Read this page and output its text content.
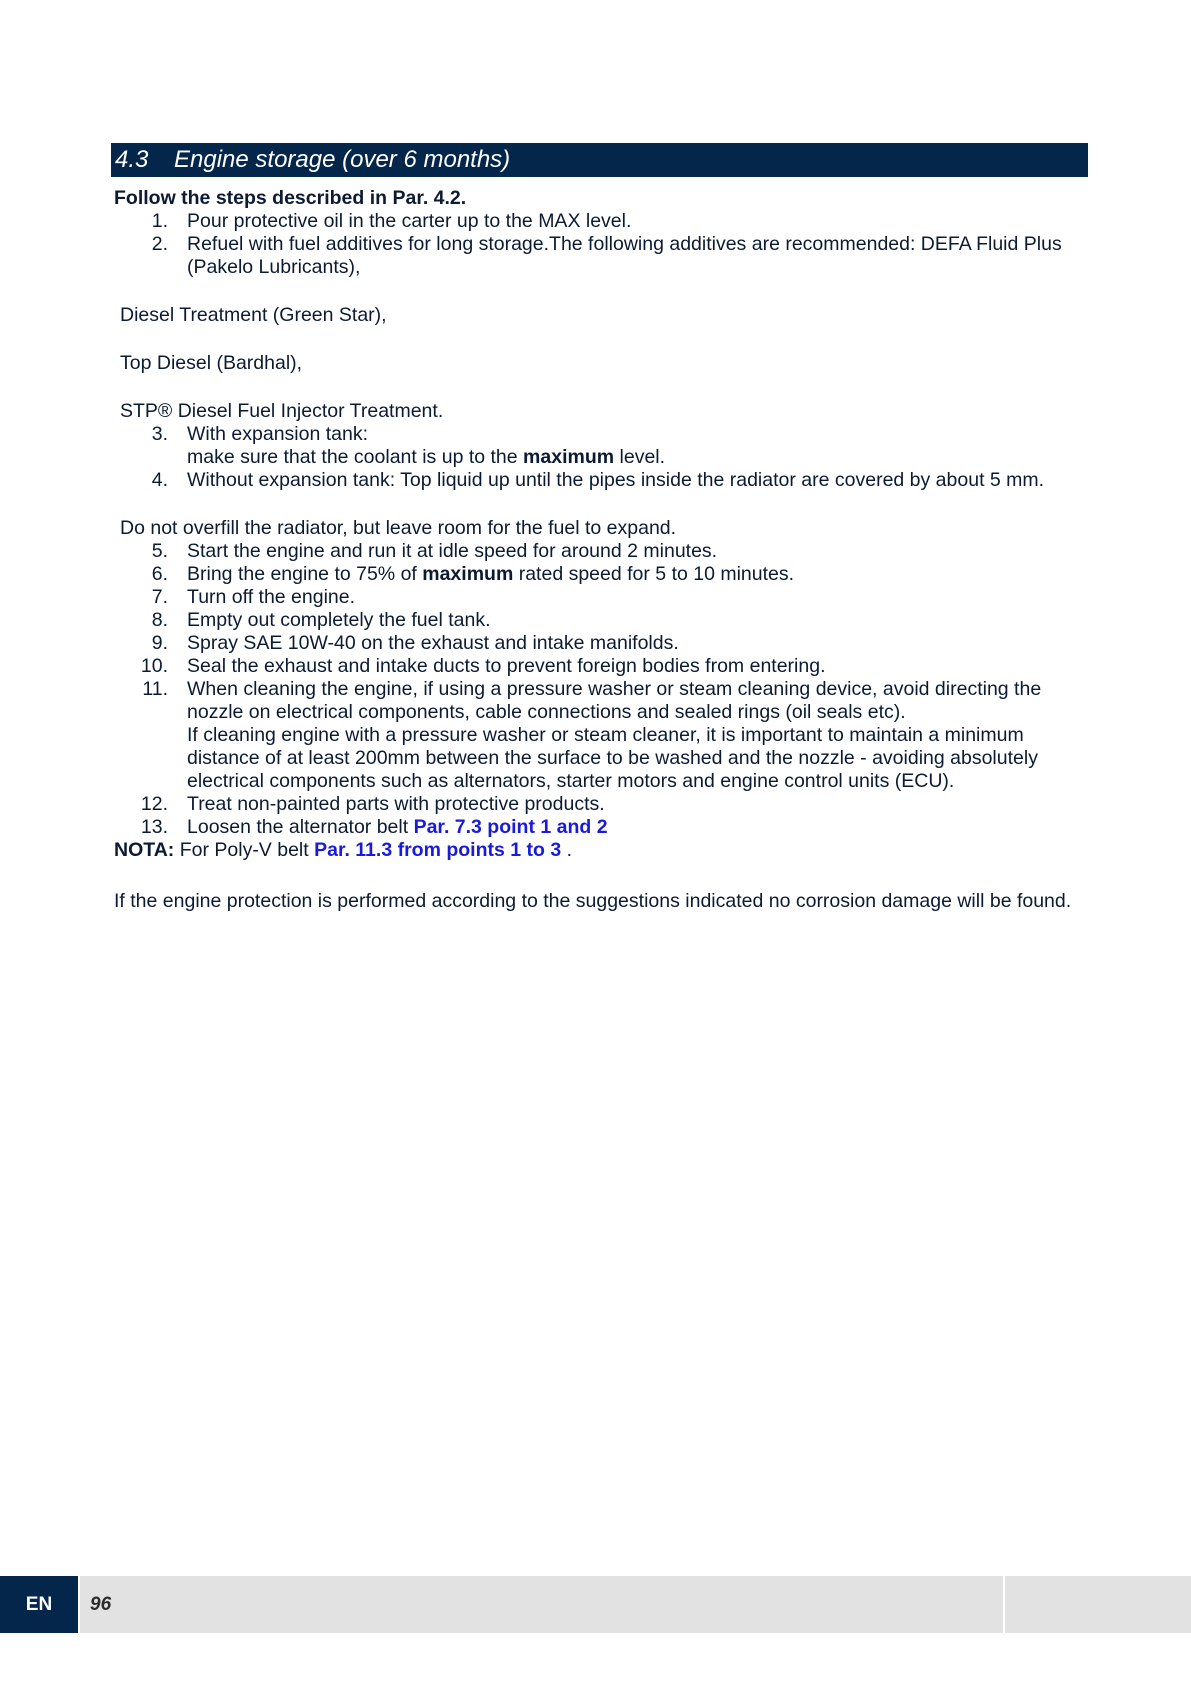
4.3 Engine storage (over 6 months)

Follow the steps described in Par. 4.2.

1. Pour protective oil in the carter up to the MAX level.
2. Refuel with fuel additives for long storage.The following additives are recommended: DEFA Fluid Plus (Pakelo Lubricants),
Diesel Treatment (Green Star),
Top Diesel (Bardhal),
STP® Diesel Fuel Injector Treatment.
3. With expansion tank:
make sure that the coolant is up to the maximum level.
4. Without expansion tank: Top liquid up until the pipes inside the radiator are covered by about 5 mm.
Do not overfill the radiator, but leave room for the fuel to expand.
5. Start the engine and run it at idle speed for around 2 minutes.
6. Bring the engine to 75% of maximum rated speed for 5 to 10 minutes.
7. Turn off the engine.
8. Empty out completely the fuel tank.
9. Spray SAE 10W-40 on the exhaust and intake manifolds.
10. Seal the exhaust and intake ducts to prevent foreign bodies from entering.
11. When cleaning the engine, if using a pressure washer or steam cleaning device, avoid directing the nozzle on electrical components, cable connections and sealed rings (oil seals etc).
If cleaning engine with a pressure washer or steam cleaner, it is important to maintain a minimum distance of at least 200mm between the surface to be washed and the nozzle - avoiding absolutely electrical components such as alternators, starter motors and engine control units (ECU).
12. Treat non-painted parts with protective products.
13. Loosen the alternator belt Par. 7.3 point 1 and 2
NOTA: For Poly-V belt Par. 11.3 from points 1 to 3 .
If the engine protection is performed according to the suggestions indicated no corrosion damage will be found.
EN	96
